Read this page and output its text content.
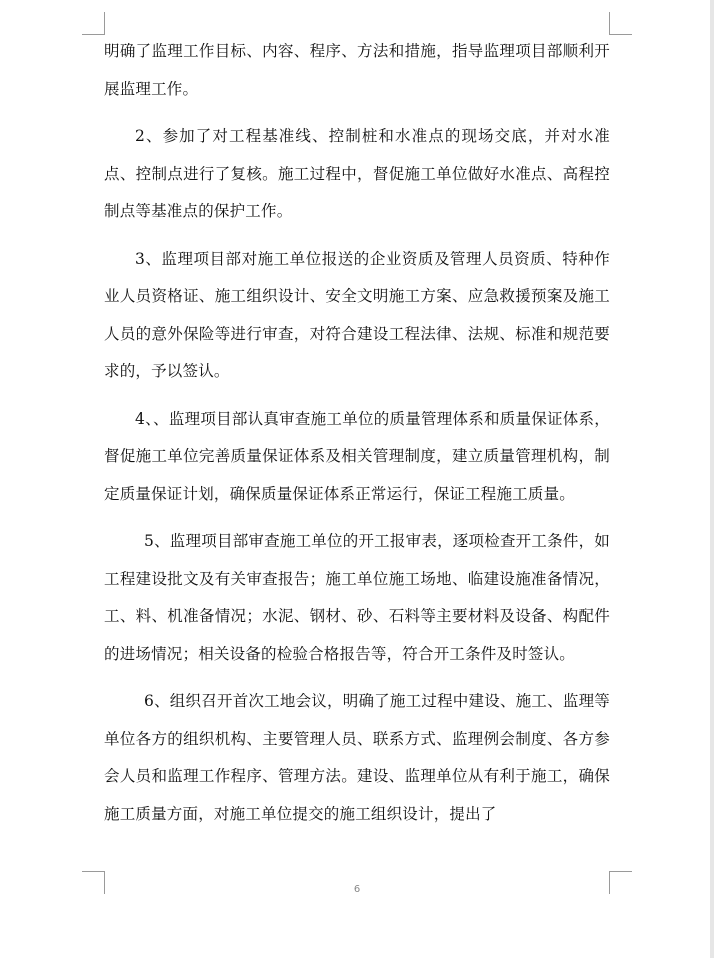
明确了监理工作目标、内容、程序、方法和措施，指导监理项目部顺利开展监理工作。

2、参加了对工程基准线、控制桩和水准点的现场交底，并对水准点、控制点进行了复核。施工过程中，督促施工单位做好水准点、高程控制点等基准点的保护工作。

3、监理项目部对施工单位报送的企业资质及管理人员资质、特种作业人员资格证、施工组织设计、安全文明施工方案、应急救援预案及施工人员的意外保险等进行审查，对符合建设工程法律、法规、标准和规范要求的，予以签认。

4、、监理项目部认真审查施工单位的质量管理体系和质量保证体系，督促施工单位完善质量保证体系及相关管理制度，建立质量管理机构，制定质量保证计划，确保质量保证体系正常运行，保证工程施工质量。

5、监理项目部审查施工单位的开工报审表，逐项检查开工条件，如工程建设批文及有关审查报告；施工单位施工场地、临建设施准备情况，工、料、机准备情况；水泥、钢材、砂、石料等主要材料及设备、构配件的进场情况；相关设备的检验合格报告等，符合开工条件及时签认。

6、组织召开首次工地会议，明确了施工过程中建设、施工、监理等单位各方的组织机构、主要管理人员、联系方式、监理例会制度、各方参会人员和监理工作程序、管理方法。建设、监理单位从有利于施工，确保施工质量方面，对施工单位提交的施工组织设计，提出了

6
